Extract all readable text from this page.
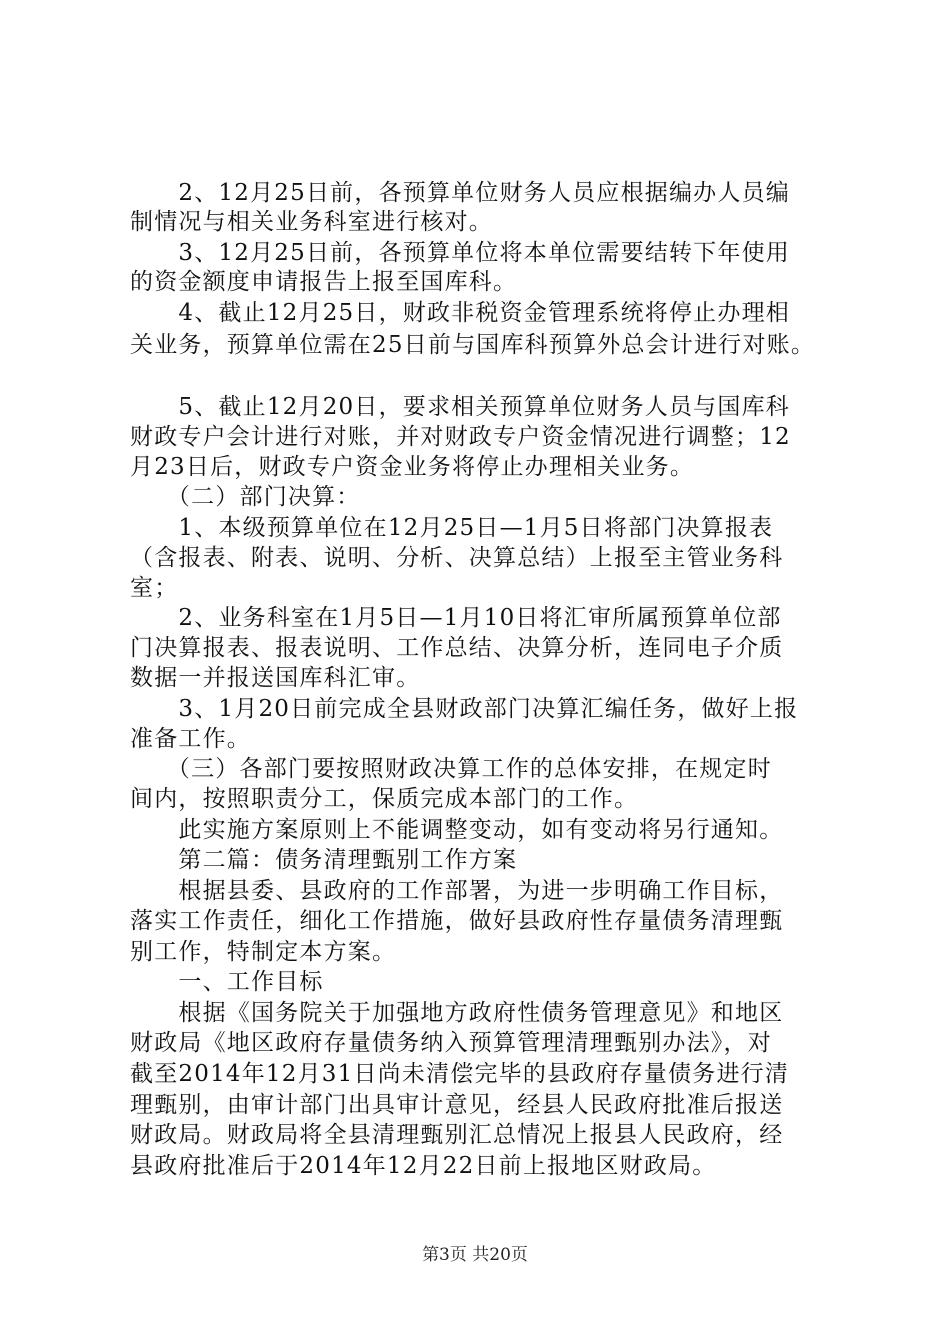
　　2、12月25日前，各预算单位财务人员应根据编办人员编
制情况与相关业务科室进行核对。
　　3、12月25日前，各预算单位将本单位需要结转下年使用
的资金额度申请报告上报至国库科。
　　4、截止12月25日，财政非税资金管理系统将停止办理相
关业务，预算单位需在25日前与国库科预算外总会计进行对账。
　　5、截止12月20日，要求相关预算单位财务人员与国库科
财政专户会计进行对账，并对财政专户资金情况进行调整；12
月23日后，财政专户资金业务将停止办理相关业务。
　　（二）部门决算：
　　1、本级预算单位在12月25日—1月5日将部门决算报表
（含报表、附表、说明、分析、决算总结）上报至主管业务科
室；
　　2、业务科室在1月5日—1月10日将汇审所属预算单位部
门决算报表、报表说明、工作总结、决算分析，连同电子介质
数据一并报送国库科汇审。
　　3、1月20日前完成全县财政部门决算汇编任务，做好上报
准备工作。
　　（三）各部门要按照财政决算工作的总体安排，在规定时
间内，按照职责分工，保质完成本部门的工作。
　　此实施方案原则上不能调整变动，如有变动将另行通知。
　　第二篇：债务清理甄别工作方案
　　根据县委、县政府的工作部署，为进一步明确工作目标，
落实工作责任，细化工作措施，做好县政府性存量债务清理甄
别工作，特制定本方案。
　　一、工作目标
　　根据《国务院关于加强地方政府性债务管理意见》和地区
财政局《地区政府存量债务纳入预算管理清理甄别办法》，对
截至2014年12月31日尚未清偿完毕的县政府存量债务进行清
理甄别，由审计部门出具审计意见，经县人民政府批准后报送
财政局。财政局将全县清理甄别汇总情况上报县人民政府，经
县政府批准后于2014年12月22日前上报地区财政局。
第3页 共20页
